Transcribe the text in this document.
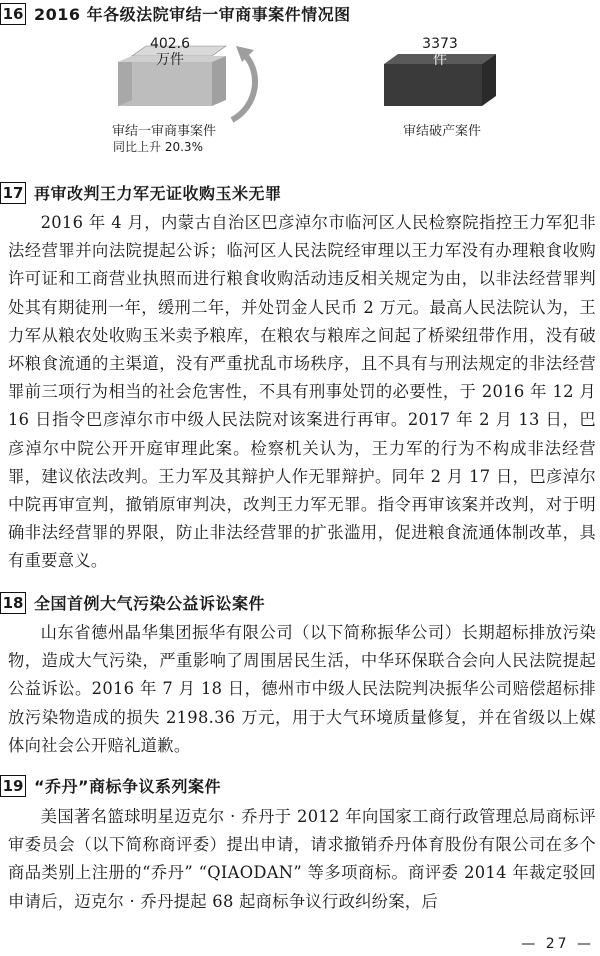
16 2016 年各级法院审结一审商事案件情况图
402.6
万件
3373
件
审结一审商事案件
同比上升 20.3%
审结破产案件
17 再审改判王力军无证收购玉米无罪

2016 年 4 月，内蒙古自治区巴彦淖尔市临河区人民检察院指控王力军犯非法经营罪并向法院提起公诉；临河区人民法院经审理以王力军没有办理粮食收购许可证和工商营业执照而进行粮食收购活动违反相关规定为由，以非法经营罪判处其有期徒刑一年，缓刑二年，并处罚金人民币 2 万元。最高人民法院认为，王力军从粮农处收购玉米卖予粮库，在粮农与粮库之间起了桥梁纽带作用，没有破坏粮食流通的主渠道，没有严重扰乱市场秩序，且不具有与刑法规定的非法经营罪前三项行为相当的社会危害性，不具有刑事处罚的必要性，于 2016 年 12 月 16 日指令巴彦淖尔市中级人民法院对该案进行再审。2017 年 2 月 13 日，巴彦淖尔中院公开开庭审理此案。检察机关认为，王力军的行为不构成非法经营罪，建议依法改判。王力军及其辩护人作无罪辩护。同年 2 月 17 日，巴彦淖尔中院再审宣判，撤销原审判决，改判王力军无罪。指令再审该案并改判，对于明确非法经营罪的界限，防止非法经营罪的扩张滥用，促进粮食流通体制改革，具有重要意义。

18 全国首例大气污染公益诉讼案件

山东省德州晶华集团振华有限公司（以下简称振华公司）长期超标排放污染物，造成大气污染，严重影响了周围居民生活，中华环保联合会向人民法院提起公益诉讼。2016 年 7 月 18 日，德州市中级人民法院判决振华公司赔偿超标排放污染物造成的损失 2198.36 万元，用于大气环境质量修复，并在省级以上媒体向社会公开赔礼道歉。

19 “乔丹”商标争议系列案件

美国著名篮球明星迈克尔 · 乔丹于 2012 年向国家工商行政管理总局商标评审委员会（以下简称商评委）提出申请，请求撤销乔丹体育股份有限公司在多个商品类别上注册的“乔丹” “QIAODAN” 等多项商标。商评委 2014 年裁定驳回申请后，迈克尔 · 乔丹提起 68 起商标争议行政纠纷案，后

— 27 —
